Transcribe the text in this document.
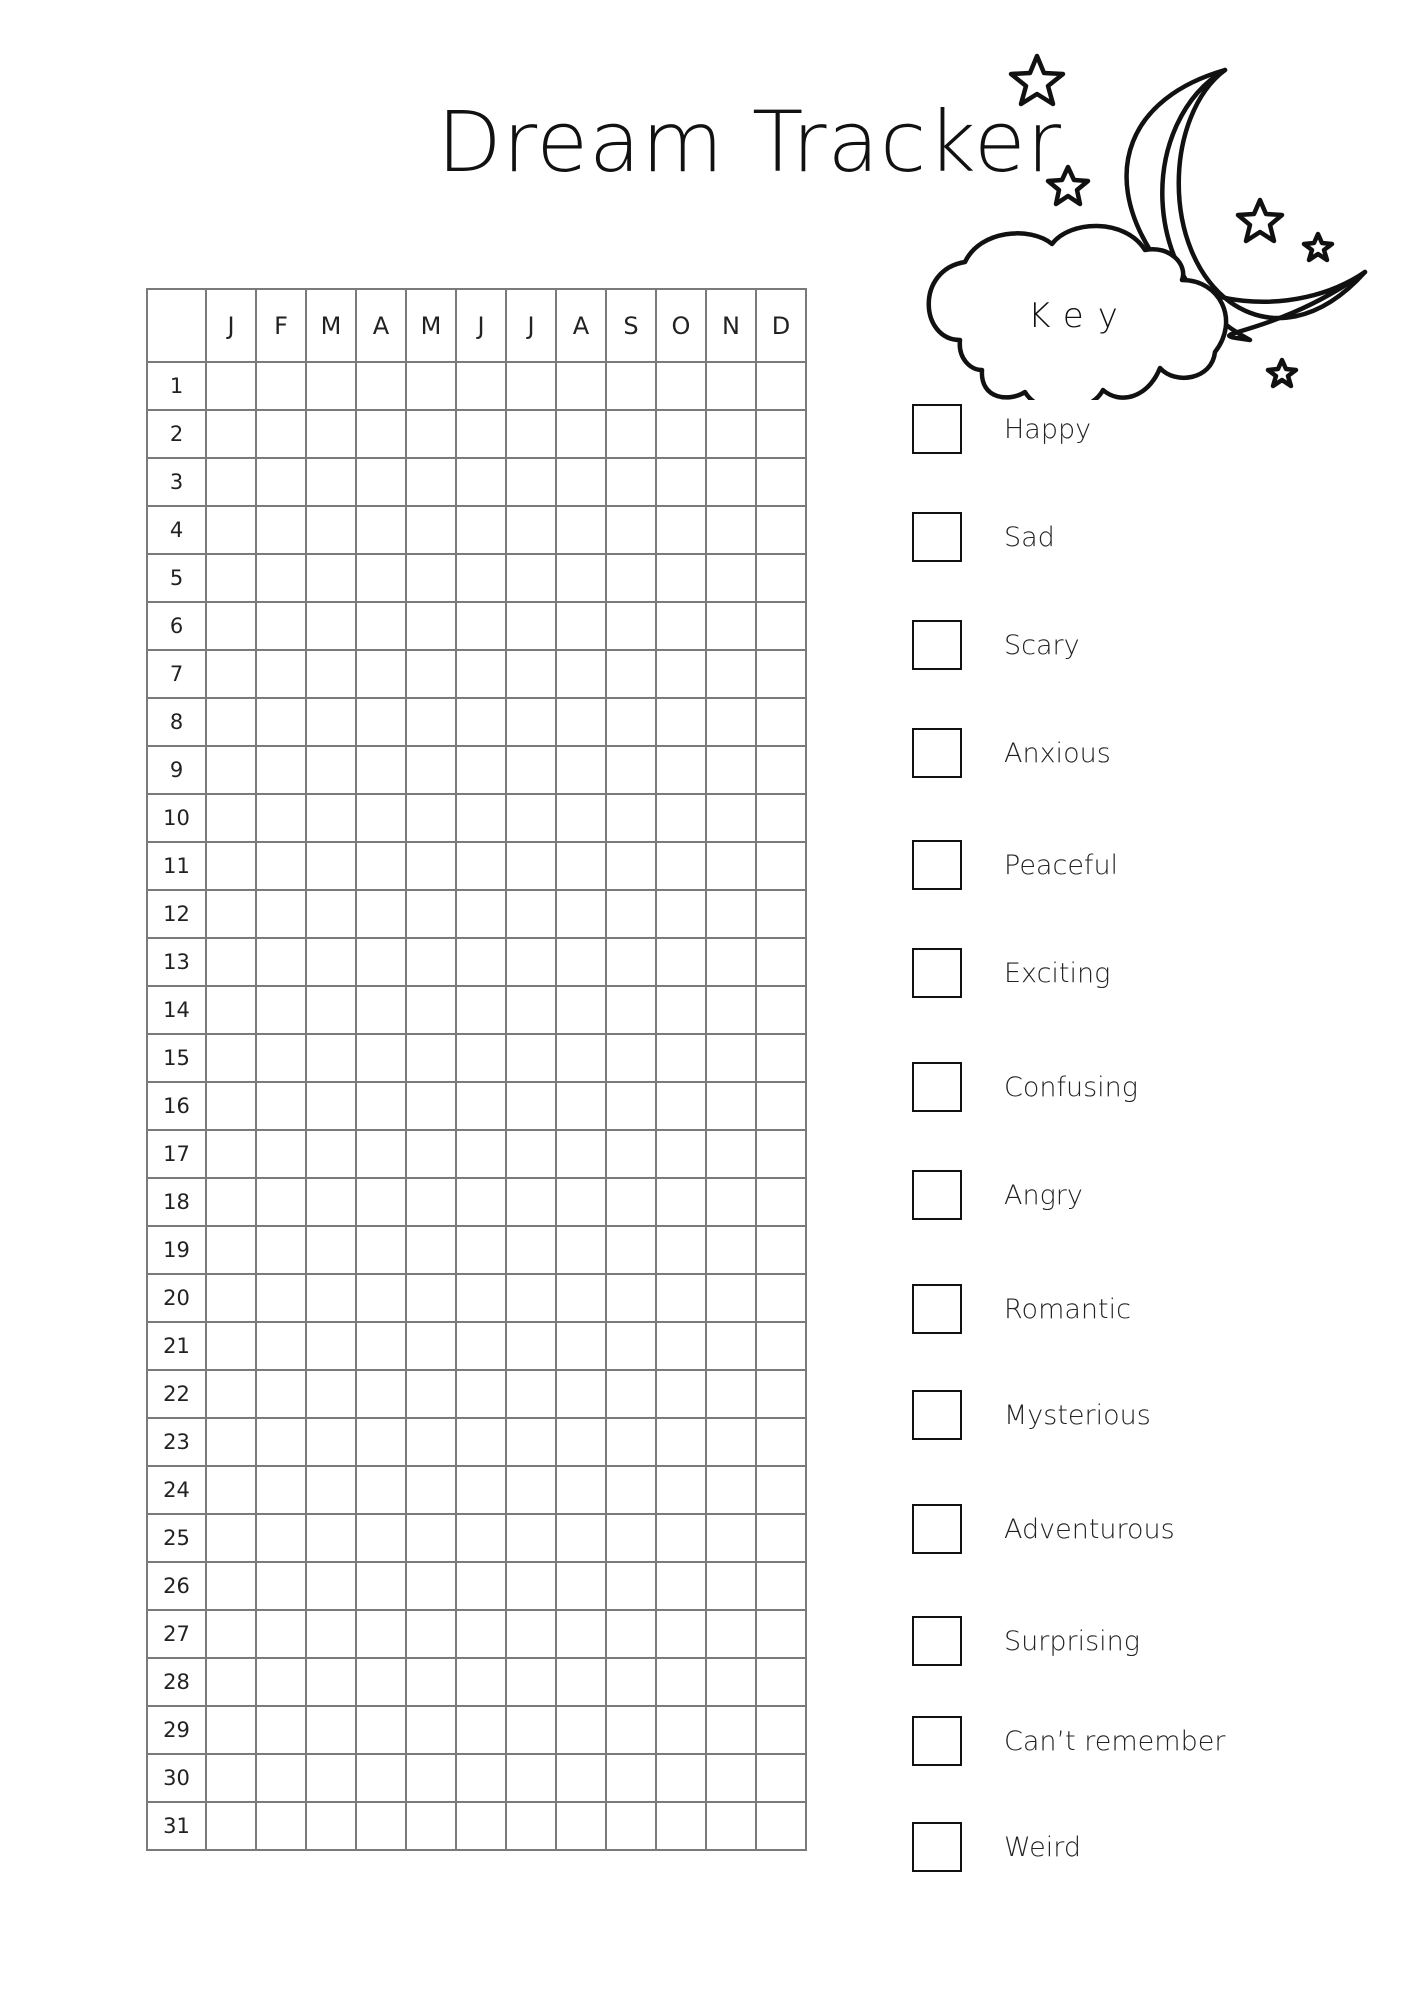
Dream Tracker
	J	F	M	A	M	J	J	A	S	O	N	D
1												
2												
3												
4												
5												
6												
7												
8												
9												
10												
11												
12												
13												
14												
15												
16												
17												
18												
19												
20												
21												
22												
23												
24												
25												
26												
27												
28												
29												
30												
31												
Key
Happy
Sad
Scary
Anxious
Peaceful
Exciting
Confusing
Angry
Romantic
Mysterious
Adventurous
Surprising
Can’t remember
Weird
